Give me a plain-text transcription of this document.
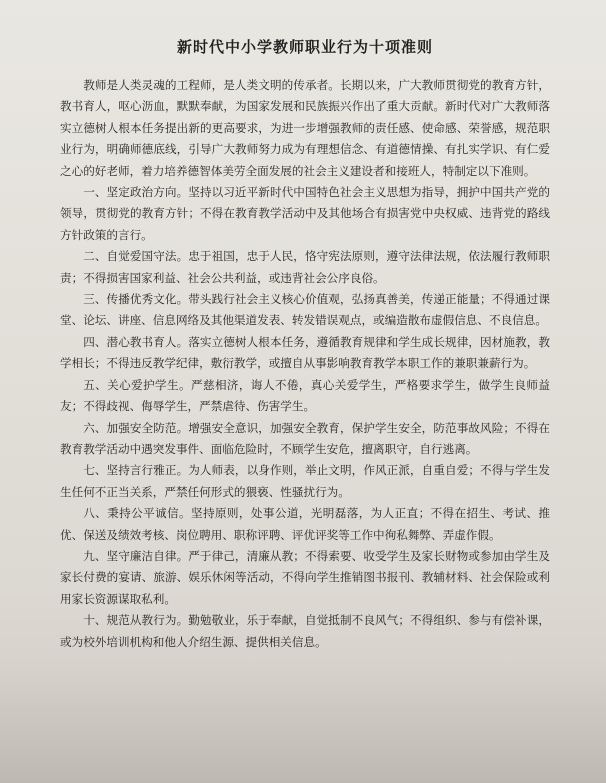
新时代中小学教师职业行为十项准则

教师是人类灵魂的工程师，是人类文明的传承者。长期以来，广大教师贯彻党的教育方针，教书育人，呕心沥血，默默奉献，为国家发展和民族振兴作出了重大贡献。新时代对广大教师落实立德树人根本任务提出新的更高要求，为进一步增强教师的责任感、使命感、荣誉感，规范职业行为，明确师德底线，引导广大教师努力成为有理想信念、有道德情操、有扎实学识、有仁爱之心的好老师，着力培养德智体美劳全面发展的社会主义建设者和接班人，特制定以下准则。

一、坚定政治方向。坚持以习近平新时代中国特色社会主义思想为指导，拥护中国共产党的领导，贯彻党的教育方针；不得在教育教学活动中及其他场合有损害党中央权威、违背党的路线方针政策的言行。

二、自觉爱国守法。忠于祖国，忠于人民，恪守宪法原则，遵守法律法规，依法履行教师职责；不得损害国家利益、社会公共利益，或违背社会公序良俗。

三、传播优秀文化。带头践行社会主义核心价值观，弘扬真善美，传递正能量；不得通过课堂、论坛、讲座、信息网络及其他渠道发表、转发错误观点，或编造散布虚假信息、不良信息。

四、潜心教书育人。落实立德树人根本任务，遵循教育规律和学生成长规律，因材施教，教学相长；不得违反教学纪律，敷衍教学，或擅自从事影响教育教学本职工作的兼职兼薪行为。

五、关心爱护学生。严慈相济，诲人不倦，真心关爱学生，严格要求学生，做学生良师益友；不得歧视、侮辱学生，严禁虐待、伤害学生。

六、加强安全防范。增强安全意识，加强安全教育，保护学生安全，防范事故风险；不得在教育教学活动中遇突发事件、面临危险时，不顾学生安危，擅离职守，自行逃离。

七、坚持言行雅正。为人师表，以身作则，举止文明，作风正派，自重自爱；不得与学生发生任何不正当关系，严禁任何形式的猥亵、性骚扰行为。

八、秉持公平诚信。坚持原则，处事公道，光明磊落，为人正直；不得在招生、考试、推优、保送及绩效考核、岗位聘用、职称评聘、评优评奖等工作中徇私舞弊、弄虚作假。

九、坚守廉洁自律。严于律己，清廉从教；不得索要、收受学生及家长财物或参加由学生及家长付费的宴请、旅游、娱乐休闲等活动，不得向学生推销图书报刊、教辅材料、社会保险或利用家长资源谋取私利。

十、规范从教行为。勤勉敬业，乐于奉献，自觉抵制不良风气；不得组织、参与有偿补课，或为校外培训机构和他人介绍生源、提供相关信息。
